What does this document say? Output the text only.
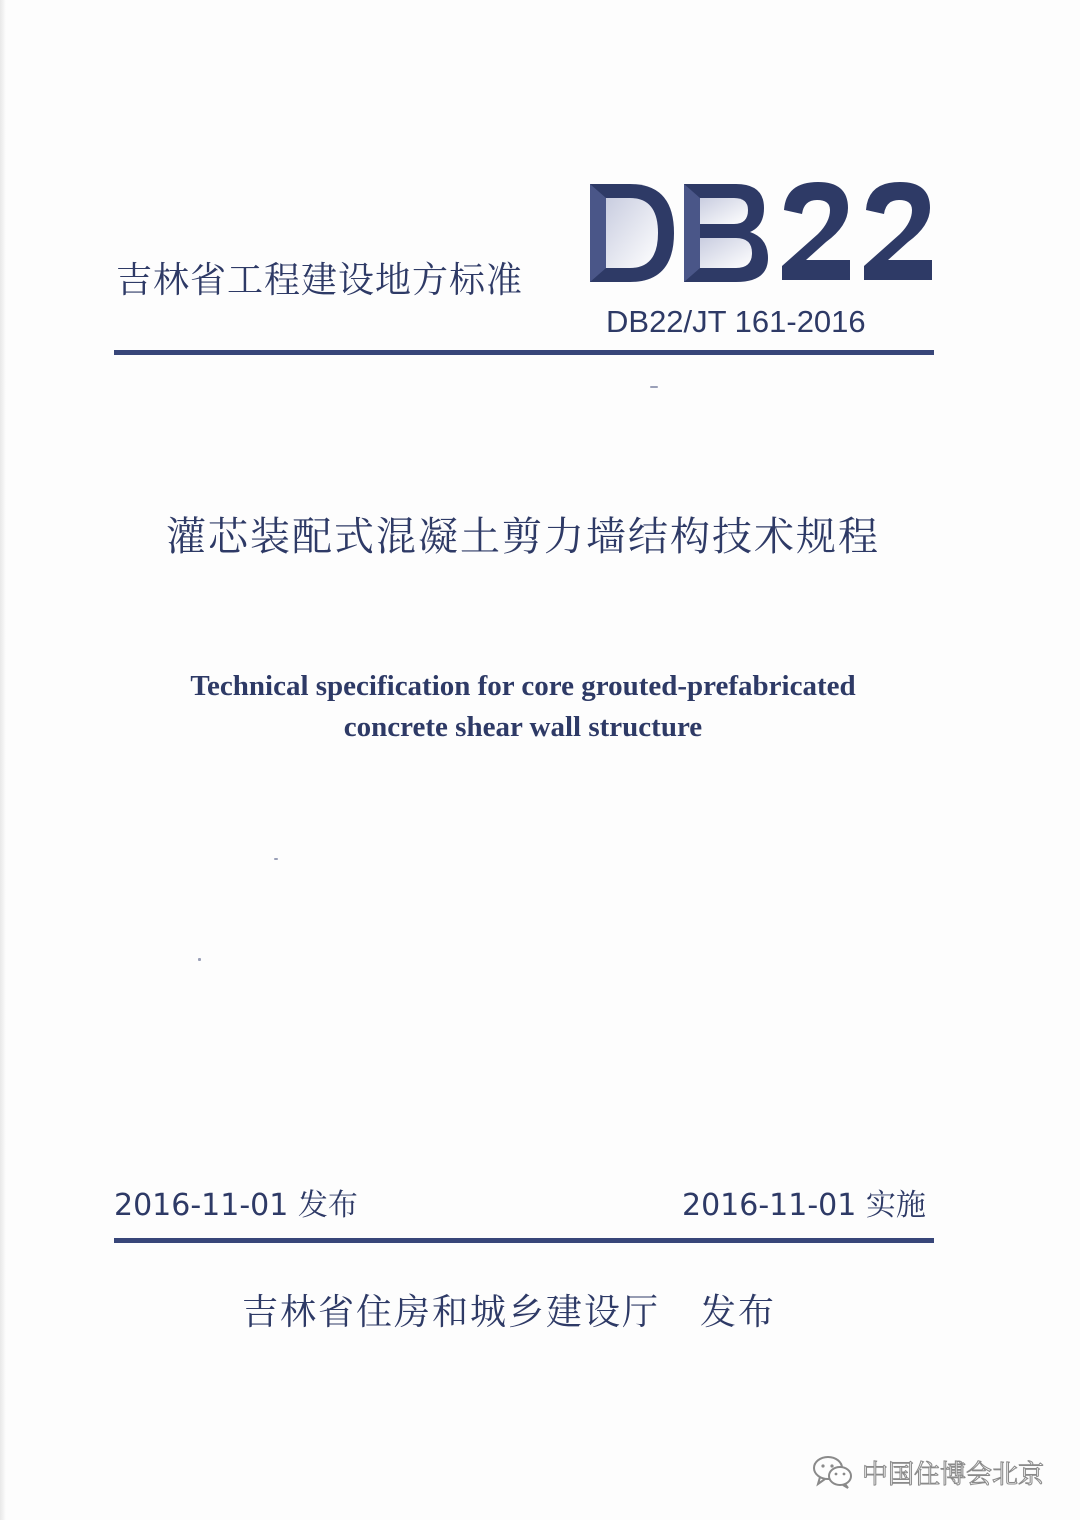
吉林省工程建设地方标准
DB22/JT 161-2016
灌芯装配式混凝土剪力墙结构技术规程
Technical specification for core grouted-prefabricated
concrete shear wall structure
2016-11-01 发布	2016-11-01 实施
吉林省住房和城乡建设厅 发布
中国住博会北京
